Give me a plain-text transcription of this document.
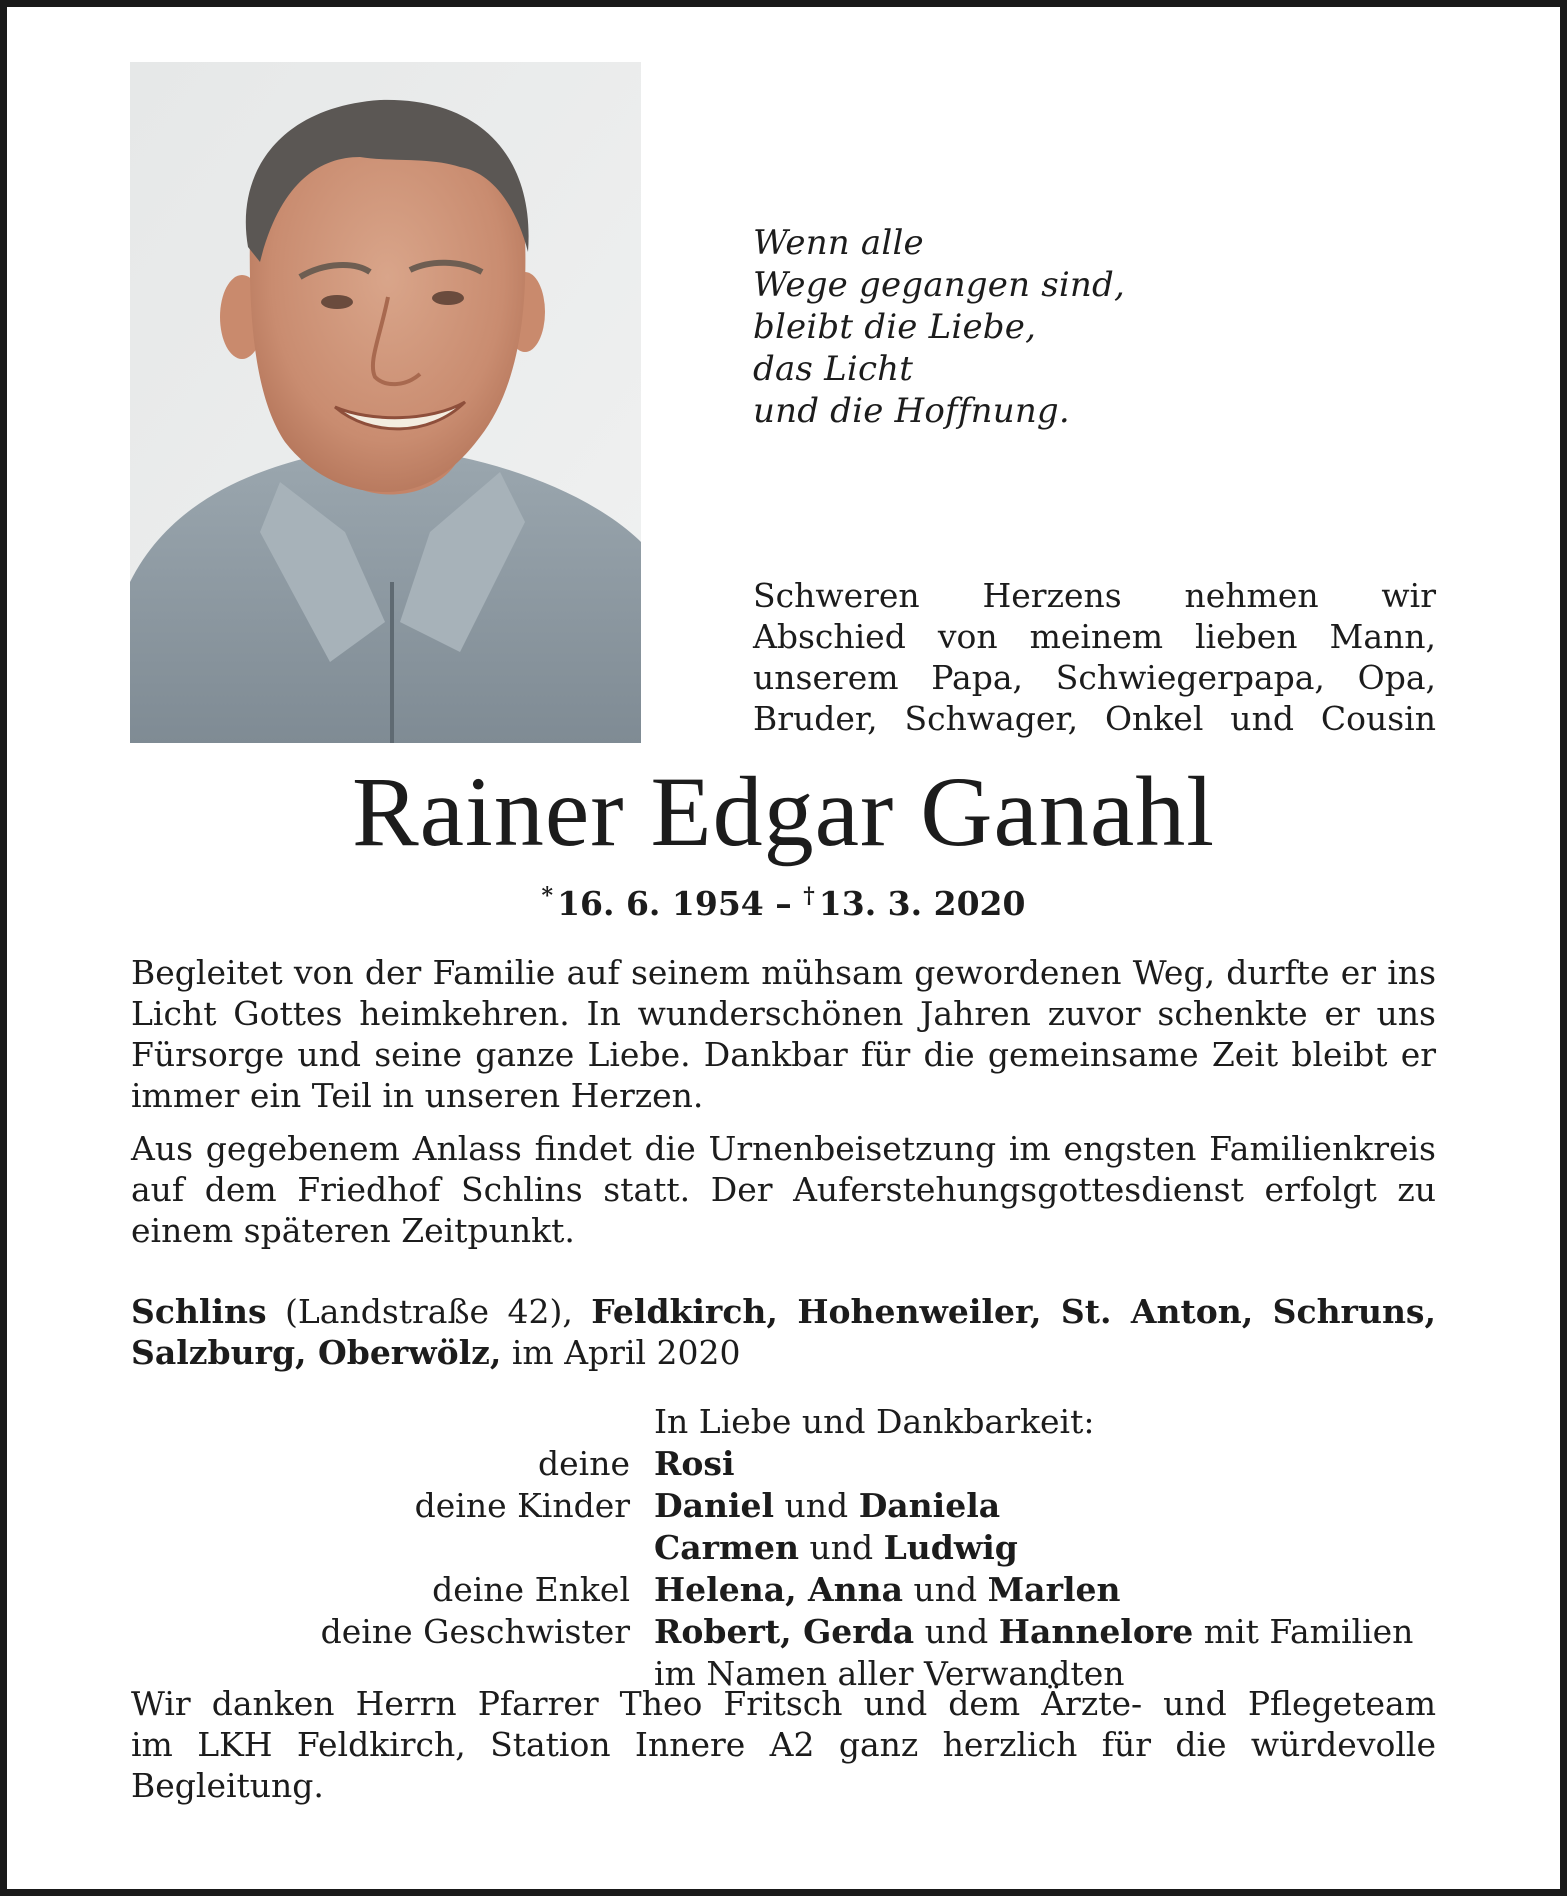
Wenn alle
Wege gegangen sind,
bleibt die Liebe,
das Licht
und die Hoffnung.
Schweren Herzens nehmen wir
Abschied von meinem lieben Mann,
unserem Papa, Schwiegerpapa, Opa,
Bruder, Schwager, Onkel und Cousin
Rainer Edgar Ganahl
* 16. 6. 1954 – † 13. 3. 2020
Begleitet von der Familie auf seinem mühsam gewordenen Weg, durfte er ins
Licht Gottes heimkehren. In wunderschönen Jahren zuvor schenkte er uns
Fürsorge und seine ganze Liebe. Dankbar für die gemeinsame Zeit bleibt er
immer ein Teil in unseren Herzen.
Aus gegebenem Anlass findet die Urnenbeisetzung im engsten Familienkreis
auf dem Friedhof Schlins statt. Der Auferstehungsgottesdienst erfolgt zu
einem späteren Zeitpunkt.
Schlins (Landstraße 42), Feldkirch, Hohenweiler, St. Anton, Schruns,
Salzburg, Oberwölz, im April 2020
In Liebe und Dankbarkeit:
deine Rosi
deine Kinder Daniel und Daniela
Carmen und Ludwig
deine Enkel Helena, Anna und Marlen
deine Geschwister Robert, Gerda und Hannelore mit Familien
im Namen aller Verwandten
Wir danken Herrn Pfarrer Theo Fritsch und dem Ärzte- und Pflegeteam
im LKH Feldkirch, Station Innere A2 ganz herzlich für die würdevolle
Begleitung.
